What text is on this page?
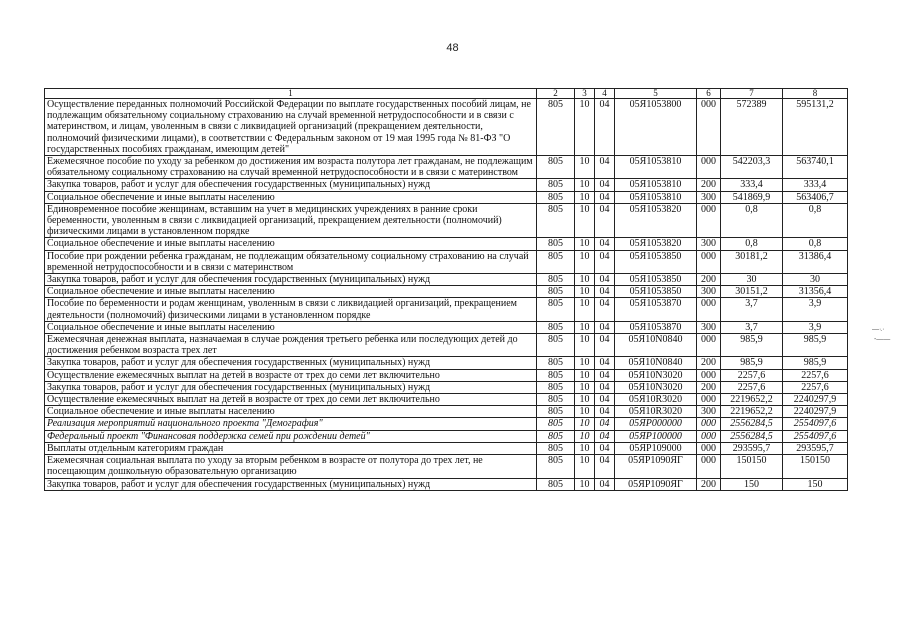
48
1	2	3	4	5	6	7	8
Осуществление переданных полномочий Российской Федерации по выплате государственных пособий лицам, не подлежащим обязательному социальному страхованию на случай временной нетрудоспособности и в связи с материнством, и лицам, уволенным в связи с ликвидацией организаций (прекращением деятельности, полномочий физическими лицами), в соответствии с Федеральным законом от 19 мая 1995 года № 81-ФЗ "О государственных пособиях гражданам, имеющим детей"	805	10	04	05Я1053800	000	572389	595131,2
Ежемесячное пособие по уходу за ребенком до достижения им возраста полутора лет гражданам, не подлежащим обязательному социальному страхованию на случай временной нетрудоспособности и в связи с материнством	805	10	04	05Я1053810	000	542203,3	563740,1
Закупка товаров, работ и услуг для обеспечения государственных (муниципальных) нужд	805	10	04	05Я1053810	200	333,4	333,4
Социальное обеспечение и иные выплаты населению	805	10	04	05Я1053810	300	541869,9	563406,7
Единовременное пособие женщинам, вставшим на учет в медицинских учреждениях в ранние сроки беременности, уволенным в связи с ликвидацией организаций, прекращением деятельности (полномочий) физическими лицами в установленном порядке	805	10	04	05Я1053820	000	0,8	0,8
Социальное обеспечение и иные выплаты населению	805	10	04	05Я1053820	300	0,8	0,8
Пособие при рождении ребенка гражданам, не подлежащим обязательному социальному страхованию на случай временной нетрудоспособности и в связи с материнством	805	10	04	05Я1053850	000	30181,2	31386,4
Закупка товаров, работ и услуг для обеспечения государственных (муниципальных) нужд	805	10	04	05Я1053850	200	30	30
Социальное обеспечение и иные выплаты населению	805	10	04	05Я1053850	300	30151,2	31356,4
Пособие по беременности и родам женщинам, уволенным в связи с ликвидацией организаций, прекращением деятельности (полномочий) физическими лицами в установленном порядке	805	10	04	05Я1053870	000	3,7	3,9
Социальное обеспечение и иные выплаты населению	805	10	04	05Я1053870	300	3,7	3,9
Ежемесячная денежная выплата, назначаемая в случае рождения третьего ребенка или последующих детей до достижения ребенком возраста трех лет	805	10	04	05Я10N0840	000	985,9	985,9
Закупка товаров, работ и услуг для обеспечения государственных (муниципальных) нужд	805	10	04	05Я10N0840	200	985,9	985,9
Осуществление ежемесячных выплат на детей в возрасте от трех до семи лет включительно	805	10	04	05Я10N3020	000	2257,6	2257,6
Закупка товаров, работ и услуг для обеспечения государственных (муниципальных) нужд	805	10	04	05Я10N3020	200	2257,6	2257,6
Осуществление ежемесячных выплат на детей в возрасте от трех до семи лет включительно	805	10	04	05Я10R3020	000	2219652,2	2240297,9
Социальное обеспечение и иные выплаты населению	805	10	04	05Я10R3020	300	2219652,2	2240297,9
Реализация мероприятий национального проекта "Демография"	805	10	04	05ЯР000000	000	2556284,5	2554097,6
Федеральный проект "Финансовая поддержка семей при рождении детей"	805	10	04	05ЯР100000	000	2556284,5	2554097,6
Выплаты отдельным категориям граждан	805	10	04	05ЯР109000	000	293595,7	293595,7
Ежемесячная социальная выплата по уходу за вторым ребенком в возрасте от полутора до трех лет, не посещающим дошкольную образовательную организацию	805	10	04	05ЯР1090ЯГ	000	150150	150150
Закупка товаров, работ и услуг для обеспечения государственных (муниципальных) нужд	805	10	04	05ЯР1090ЯГ	200	150	150
— ·. ·
- — —
